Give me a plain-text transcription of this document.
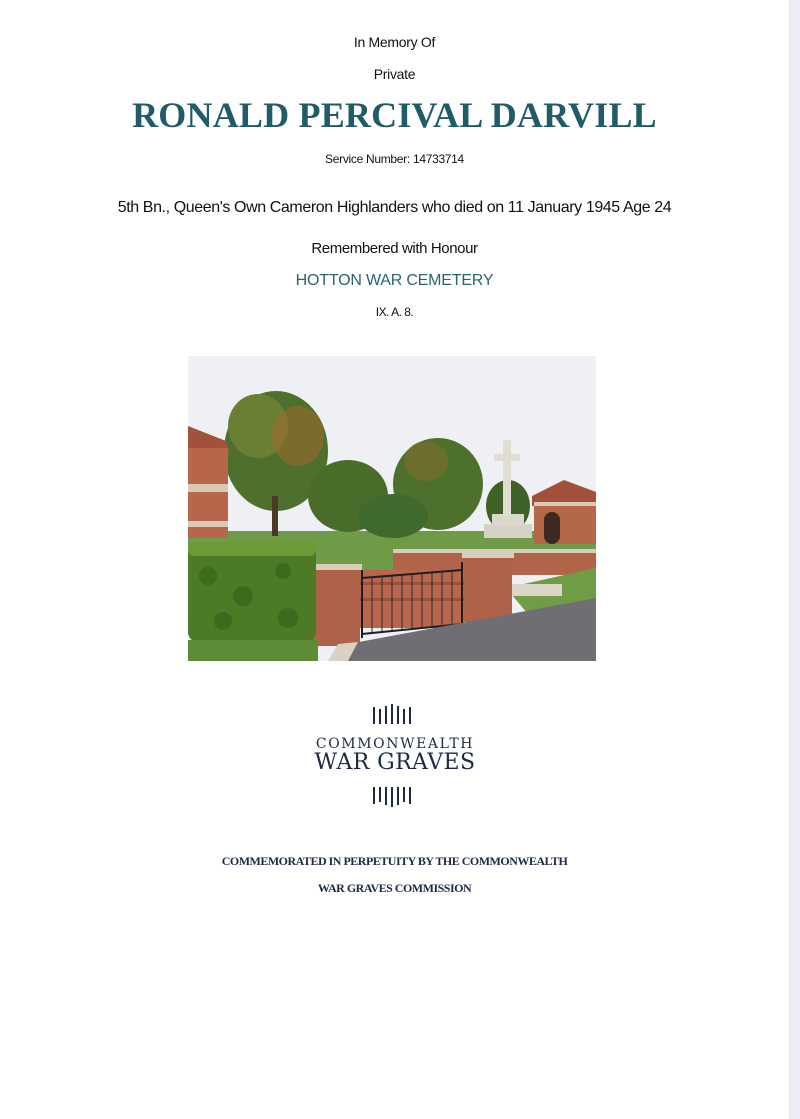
In Memory Of
Private
RONALD PERCIVAL DARVILL
Service Number: 14733714
5th Bn., Queen's Own Cameron Highlanders who died on 11 January 1945 Age 24
Remembered with Honour
HOTTON WAR CEMETERY
IX. A. 8.
COMMONWEALTH
WAR GRAVES
COMMEMORATED IN PERPETUITY BY THE COMMONWEALTH
WAR GRAVES COMMISSION
